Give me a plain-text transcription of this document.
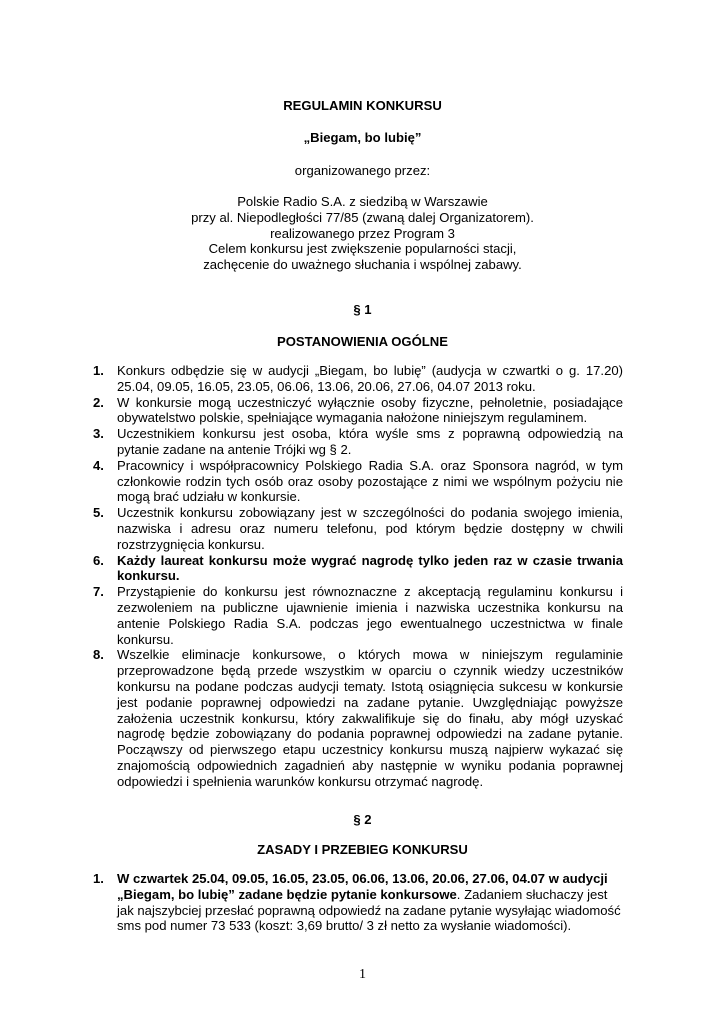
REGULAMIN KONKURSU
„Biegam, bo lubię”
organizowanego przez:
Polskie Radio S.A. z siedzibą w Warszawie
przy al. Niepodległości 77/85 (zwaną dalej Organizatorem).
realizowanego przez Program 3
Celem konkursu jest zwiększenie popularności stacji,
zachęcenie do uważnego słuchania i wspólnej zabawy.
§ 1
POSTANOWIENIA OGÓLNE
1. Konkurs odbędzie się w audycji „Biegam, bo lubię” (audycja w czwartki o g. 17.20) 25.04, 09.05, 16.05, 23.05, 06.06, 13.06, 20.06, 27.06, 04.07 2013 roku.
2. W konkursie mogą uczestniczyć wyłącznie osoby fizyczne, pełnoletnie, posiadające obywatelstwo polskie, spełniające wymagania nałożone niniejszym regulaminem.
3. Uczestnikiem konkursu jest osoba, która wyśle sms z poprawną odpowiedzią na pytanie zadane na antenie Trójki wg § 2.
4. Pracownicy i współpracownicy Polskiego Radia S.A. oraz Sponsora nagród, w tym członkowie rodzin tych osób oraz osoby pozostające z nimi we wspólnym pożyciu nie mogą brać udziału w konkursie.
5. Uczestnik konkursu zobowiązany jest w szczególności do podania swojego imienia, nazwiska i adresu oraz numeru telefonu, pod którym będzie dostępny w chwili rozstrzygnięcia konkursu.
6. Każdy laureat konkursu może wygrać nagrodę tylko jeden raz w czasie trwania konkursu.
7. Przystąpienie do konkursu jest równoznaczne z akceptacją regulaminu konkursu i zezwoleniem na publiczne ujawnienie imienia i nazwiska uczestnika konkursu na antenie Polskiego Radia S.A. podczas jego ewentualnego uczestnictwa w finale konkursu.
8. Wszelkie eliminacje konkursowe, o których mowa w niniejszym regulaminie przeprowadzone będą przede wszystkim w oparciu o czynnik wiedzy uczestników konkursu na podane podczas audycji tematy. Istotą osiągnięcia sukcesu w konkursie jest podanie poprawnej odpowiedzi na zadane pytanie. Uwzględniając powyższe założenia uczestnik konkursu, który zakwalifikuje się do finału, aby mógł uzyskać nagrodę będzie zobowiązany do podania poprawnej odpowiedzi na zadane pytanie. Począwszy od pierwszego etapu uczestnicy konkursu muszą najpierw wykazać się znajomością odpowiednich zagadnień aby następnie w wyniku podania poprawnej odpowiedzi i spełnienia warunków konkursu otrzymać nagrodę.
§ 2
ZASADY I PRZEBIEG KONKURSU
1. W czwartek 25.04, 09.05, 16.05, 23.05, 06.06, 13.06, 20.06, 27.06, 04.07 w audycji „Biegam, bo lubię” zadane będzie pytanie konkursowe. Zadaniem słuchaczy jest jak najszybciej przesłać poprawną odpowiedź na zadane pytanie wysyłając wiadomość sms pod numer 73 533 (koszt: 3,69 brutto/ 3 zł netto za wysłanie wiadomości).
1
